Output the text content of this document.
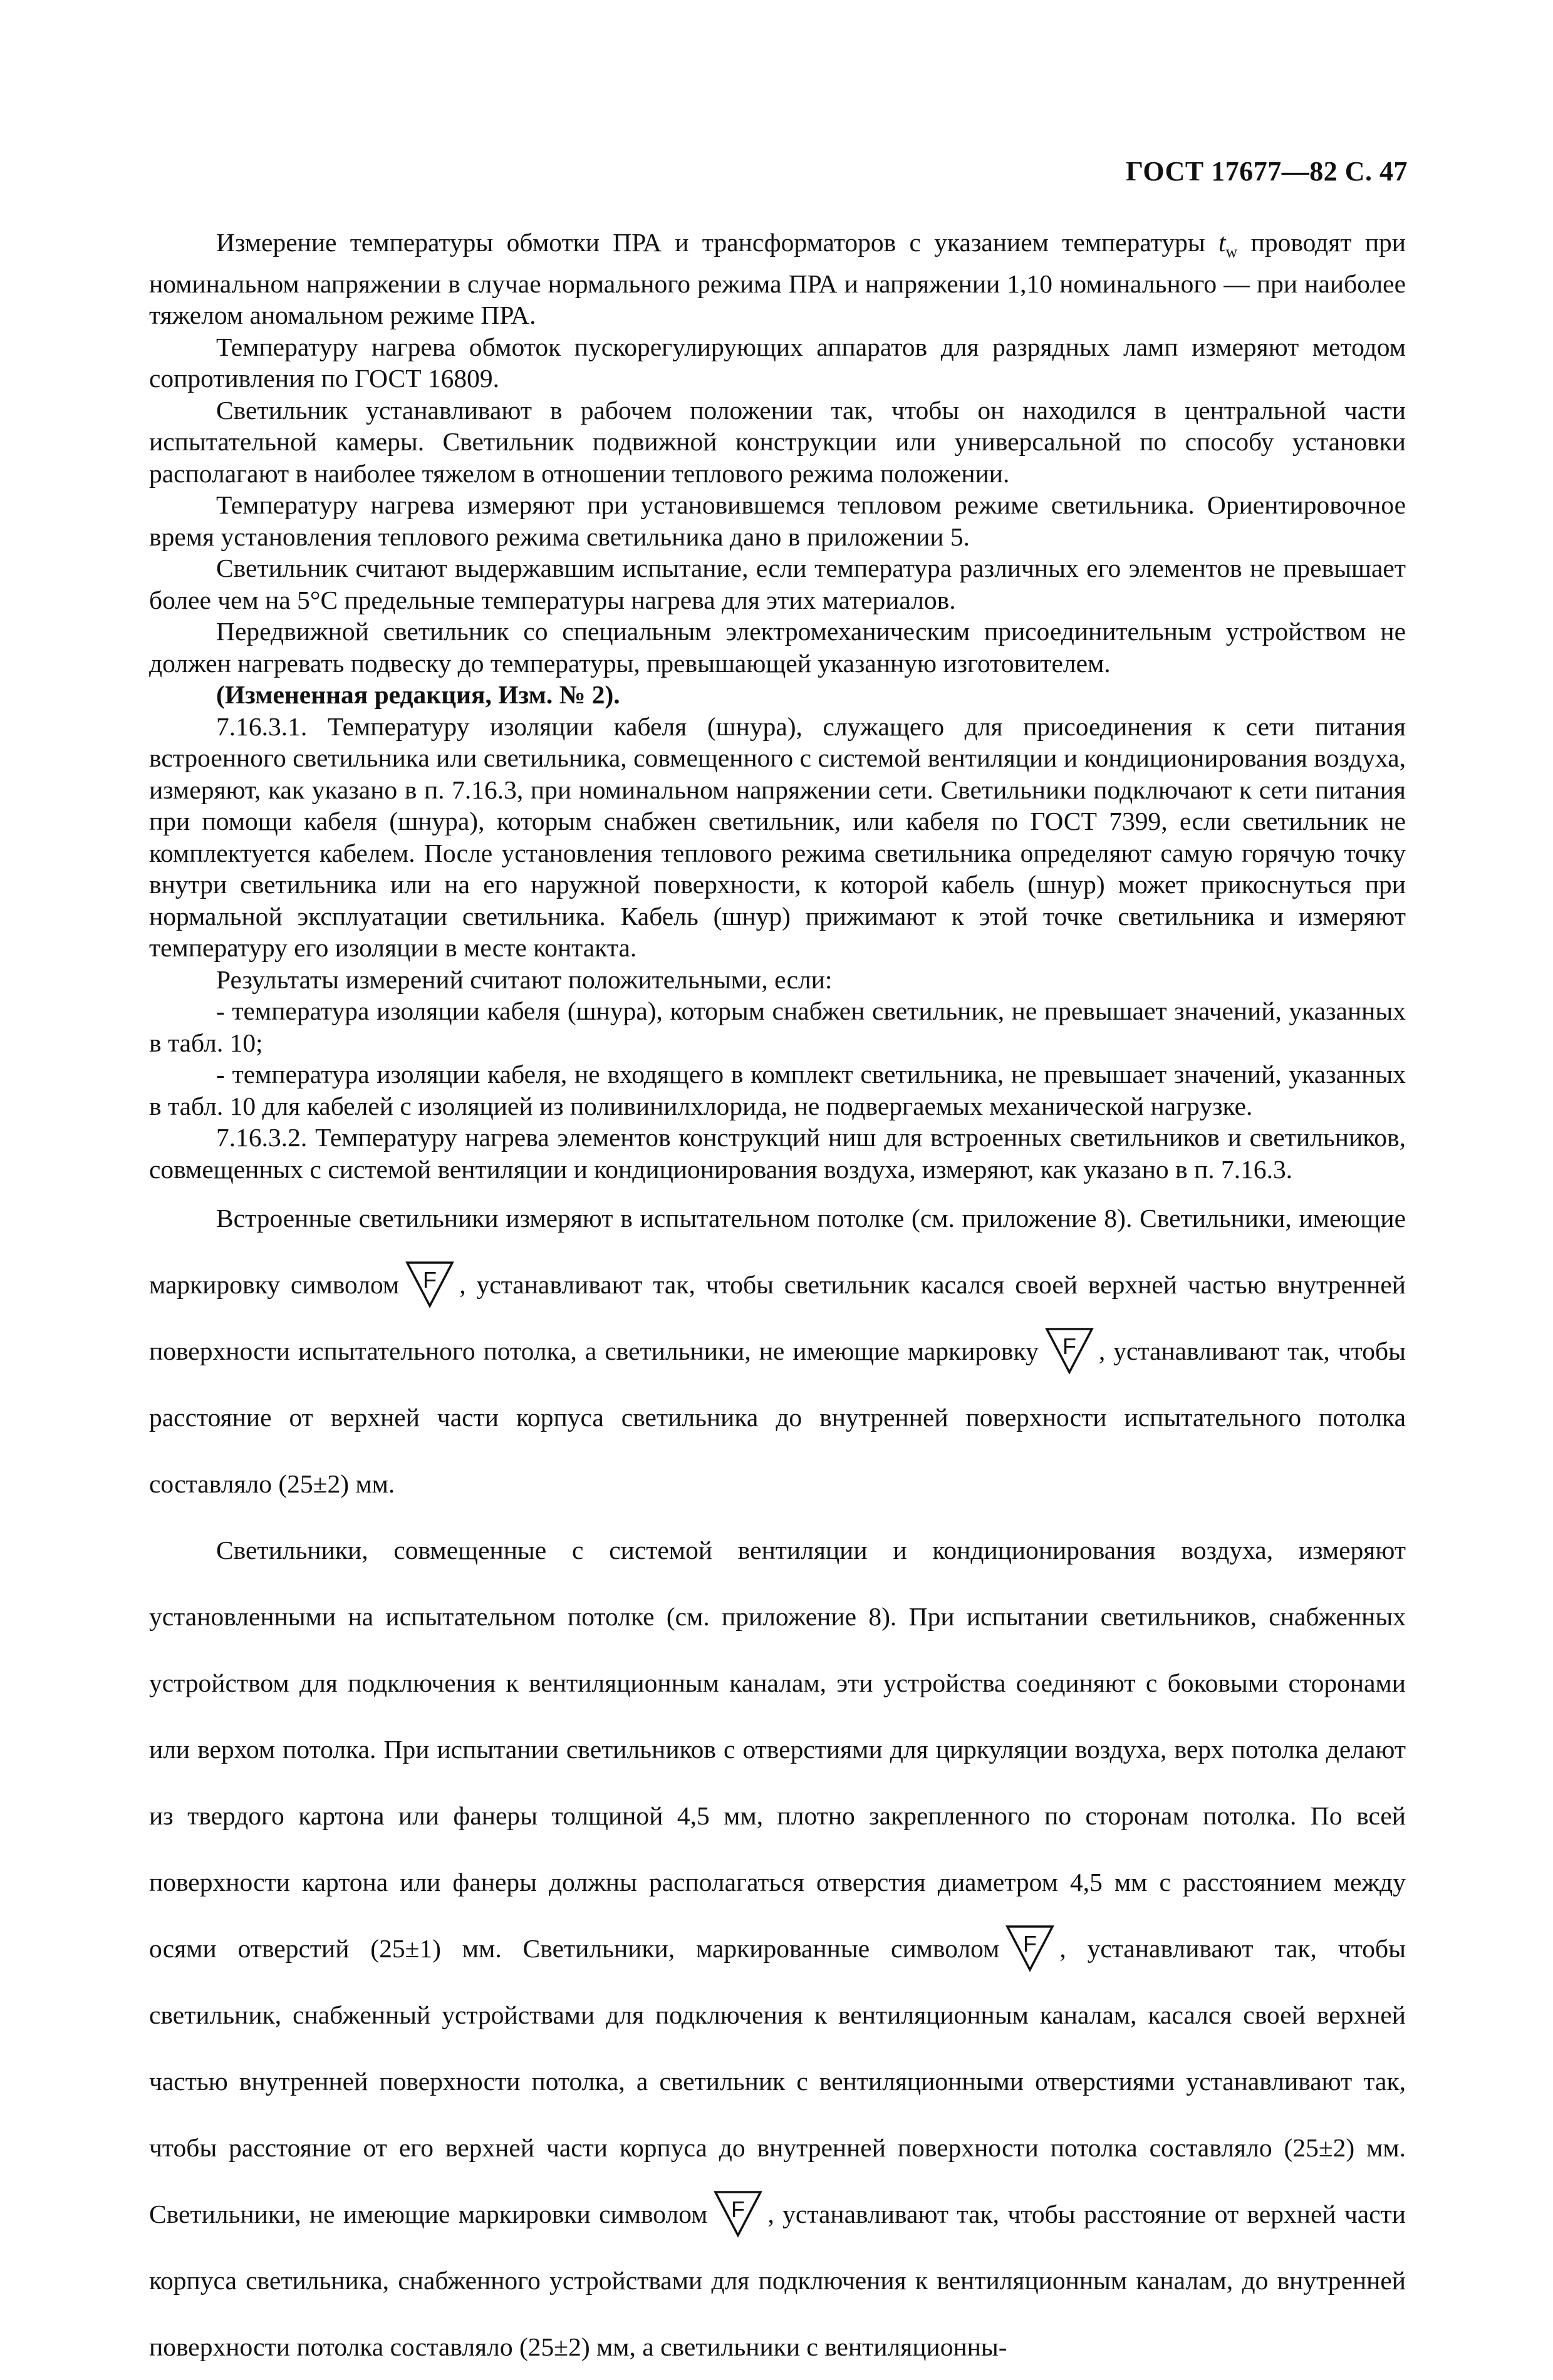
ГОСТ 17677—82 С. 47

Измерение температуры обмотки ПРА и трансформаторов с указанием температуры $t_w$ проводят при номинальном напряжении в случае нормального режима ПРА и напряжении 1,10 номинального — при наиболее тяжелом аномальном режиме ПРА.

Температуру нагрева обмоток пускорегулирующих аппаратов для разрядных ламп измеряют методом сопротивления по ГОСТ 16809.

Светильник устанавливают в рабочем положении так, чтобы он находился в центральной части испытательной камеры. Светильник подвижной конструкции или универсальной по способу установки располагают в наиболее тяжелом в отношении теплового режима положении.

Температуру нагрева измеряют при установившемся тепловом режиме светильника. Ориентировочное время установления теплового режима светильника дано в приложении 5.

Светильник считают выдержавшим испытание, если температура различных его элементов не превышает более чем на 5°С предельные температуры нагрева для этих материалов.

Передвижной светильник со специальным электромеханическим присоединительным устройством не должен нагревать подвеску до температуры, превышающей указанную изготовителем.

(Измененная редакция, Изм. № 2).

7.16.3.1. Температуру изоляции кабеля (шнура), служащего для присоединения к сети питания встроенного светильника или светильника, совмещенного с системой вентиляции и кондиционирования воздуха, измеряют, как указано в п. 7.16.3, при номинальном напряжении сети. Светильники подключают к сети питания при помощи кабеля (шнура), которым снабжен светильник, или кабеля по ГОСТ 7399, если светильник не комплектуется кабелем. После установления теплового режима светильника определяют самую горячую точку внутри светильника или на его наружной поверхности, к которой кабель (шнур) может прикоснуться при нормальной эксплуатации светильника. Кабель (шнур) прижимают к этой точке светильника и измеряют температуру его изоляции в месте контакта.

Результаты измерений считают положительными, если:

- температура изоляции кабеля (шнура), которым снабжен светильник, не превышает значений, указанных в табл. 10;

- температура изоляции кабеля, не входящего в комплект светильника, не превышает значений, указанных в табл. 10 для кабелей с изоляцией из поливинилхлорида, не подвергаемых механической нагрузке.

7.16.3.2. Температуру нагрева элементов конструкций ниш для встроенных светильников и светильников, совмещенных с системой вентиляции и кондиционирования воздуха, измеряют, как указано в п. 7.16.3.

Встроенные светильники измеряют в испытательном потолке (см. приложение 8). Светильники, имеющие маркировку символом F , устанавливают так, чтобы светильник касался своей верхней частью внутренней поверхности испытательного потолка, а светильники, не имеющие маркировку F , устанавливают так, чтобы расстояние от верхней части корпуса светильника до внутренней поверхности испытательного потолка составляло (25±2) мм.

Светильники, совмещенные с системой вентиляции и кондиционирования воздуха, измеряют установленными на испытательном потолке (см. приложение 8). При испытании светильников, снабженных устройством для подключения к вентиляционным каналам, эти устройства соединяют с боковыми сторонами или верхом потолка. При испытании светильников с отверстиями для циркуляции воздуха, верх потолка делают из твердого картона или фанеры толщиной 4,5 мм, плотно закрепленного по сторонам потолка. По всей поверхности картона или фанеры должны располагаться отверстия диаметром 4,5 мм с расстоянием между осями отверстий (25±1) мм. Светильники, маркированные символом F , устанавливают так, чтобы светильник, снабженный устройствами для подключения к вентиляционным каналам, касался своей верхней частью внутренней поверхности потолка, а светильник с вентиляционными отверстиями устанавливают так, чтобы расстояние от его верхней части корпуса до внутренней поверхности потолка составляло (25±2) мм. Светильники, не имеющие маркировки символом F , устанавливают так, чтобы расстояние от верхней части корпуса светильника, снабженного устройствами для подключения к вентиляционным каналам, до внутренней поверхности потолка составляло (25±2) мм, а светильники с вентиляционны-
